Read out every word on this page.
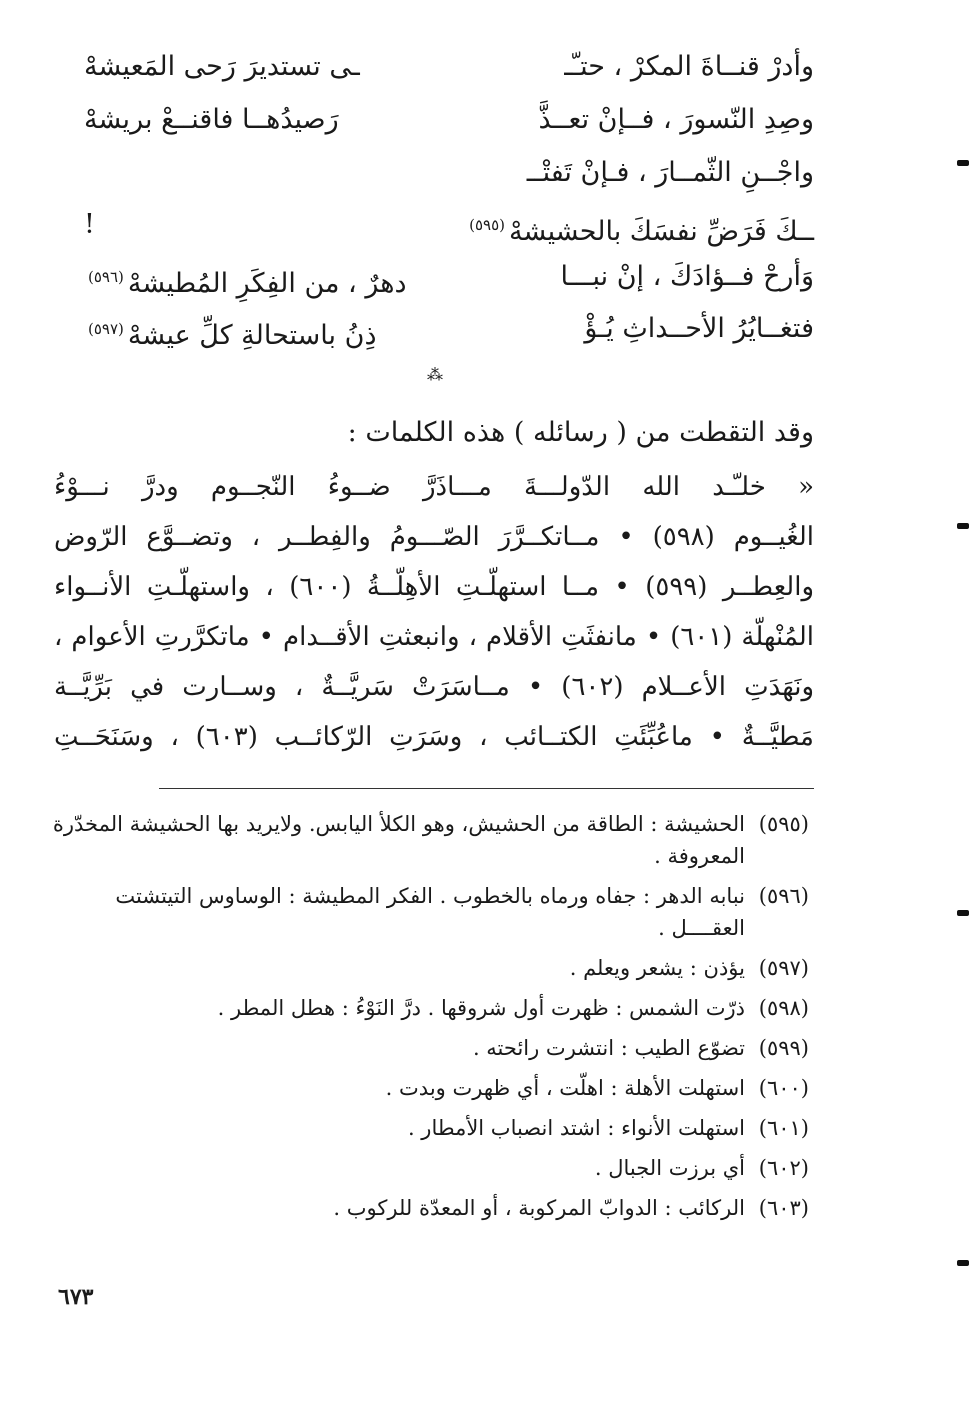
وأدرْ قنــاةَ المكرْ ، حتـّـ
ـى تستديرَ رَحى المَعيشهْ
وصِدِ النّسورَ ، فــإنْ تعــذَّ
رَصيدُهــا فاقنــعْ بريشهْ
واجْــنِ الثّمــارَ ، فـإنْ تَفتْــ
ــكَ فَرَضِّ نفسَكَ بالحشيشهْ$^{(٥٩٥)}$
!
وَأرحْ فــؤادَكَ ، إنْ نبـــا
دهرٌ ، من الفِكَرِ المُطيشهْ$^{(٥٩٦)}$
فتغــايُرُ الأحــداثِ يُـؤْ
ذِنُ باستحالةِ كلِّ عيشهْ$^{(٥٩٧)}$
⁂
وقد التقطت من ( رسائله ) هذه الكلمات :
« خلـّـد الله الدّولـــةَ مـــاذَرَّ ضــوءُ النّجــوم ودرَّ نـــوْءُ
الغُيــوم (٥٩٨) • مــاتكــرَّرَ الصّـــومُ والفِطــر ، وتضــوَّع الرّوض
والعِطــر (٥٩٩) • مــا استهلّـتِ الأهِلّــةُ (٦٠٠) ، واستهلّـتِ الأنــواء
المُنْهلّة (٦٠١) • مانفثَتِ الأقلام ، وانبعثتِ الأقــدام • ماتكرَّرتِ الأعوام ،
ونَهَدَتِ الأعــلام (٦٠٢) • مــاسَرَتْ سَريَّــةٌ ، وســارت في بَرِّيَّــة
مَطيَّــةٌ • ماعُبِّئَتِ الكتــائب ، وسَرَتِ الرّكائــب (٦٠٣) ، وسَنَحَــتِ
(٥٩٥)
الحشيشة : الطاقة من الحشيش، وهو الكلأ اليابس. ولايريد بها الحشيشة المخدّرة المعروفة .
(٥٩٦)
نبابه الدهر : جفاه ورماه بالخطوب . الفكر المطيشة : الوساوس التيتشتت العقــــل .
(٥٩٧)
يؤذن : يشعر ويعلم .
(٥٩٨)
ذرّت الشمس : ظهرت أول شروقها . درَّ النَوْءُ : هطل المطر .
(٥٩٩)
تضوّع الطيب : انتشرت رائحته .
(٦٠٠)
استهلت الأهلة : اهلّت ، أي ظهرت وبدت .
(٦٠١)
استهلت الأنواء : اشتد انصباب الأمطار .
(٦٠٢)
أي برزت الجبال .
(٦٠٣)
الركائب : الدوابّ المركوبة ، أو المعدّة للركوب .
٦٧٣
